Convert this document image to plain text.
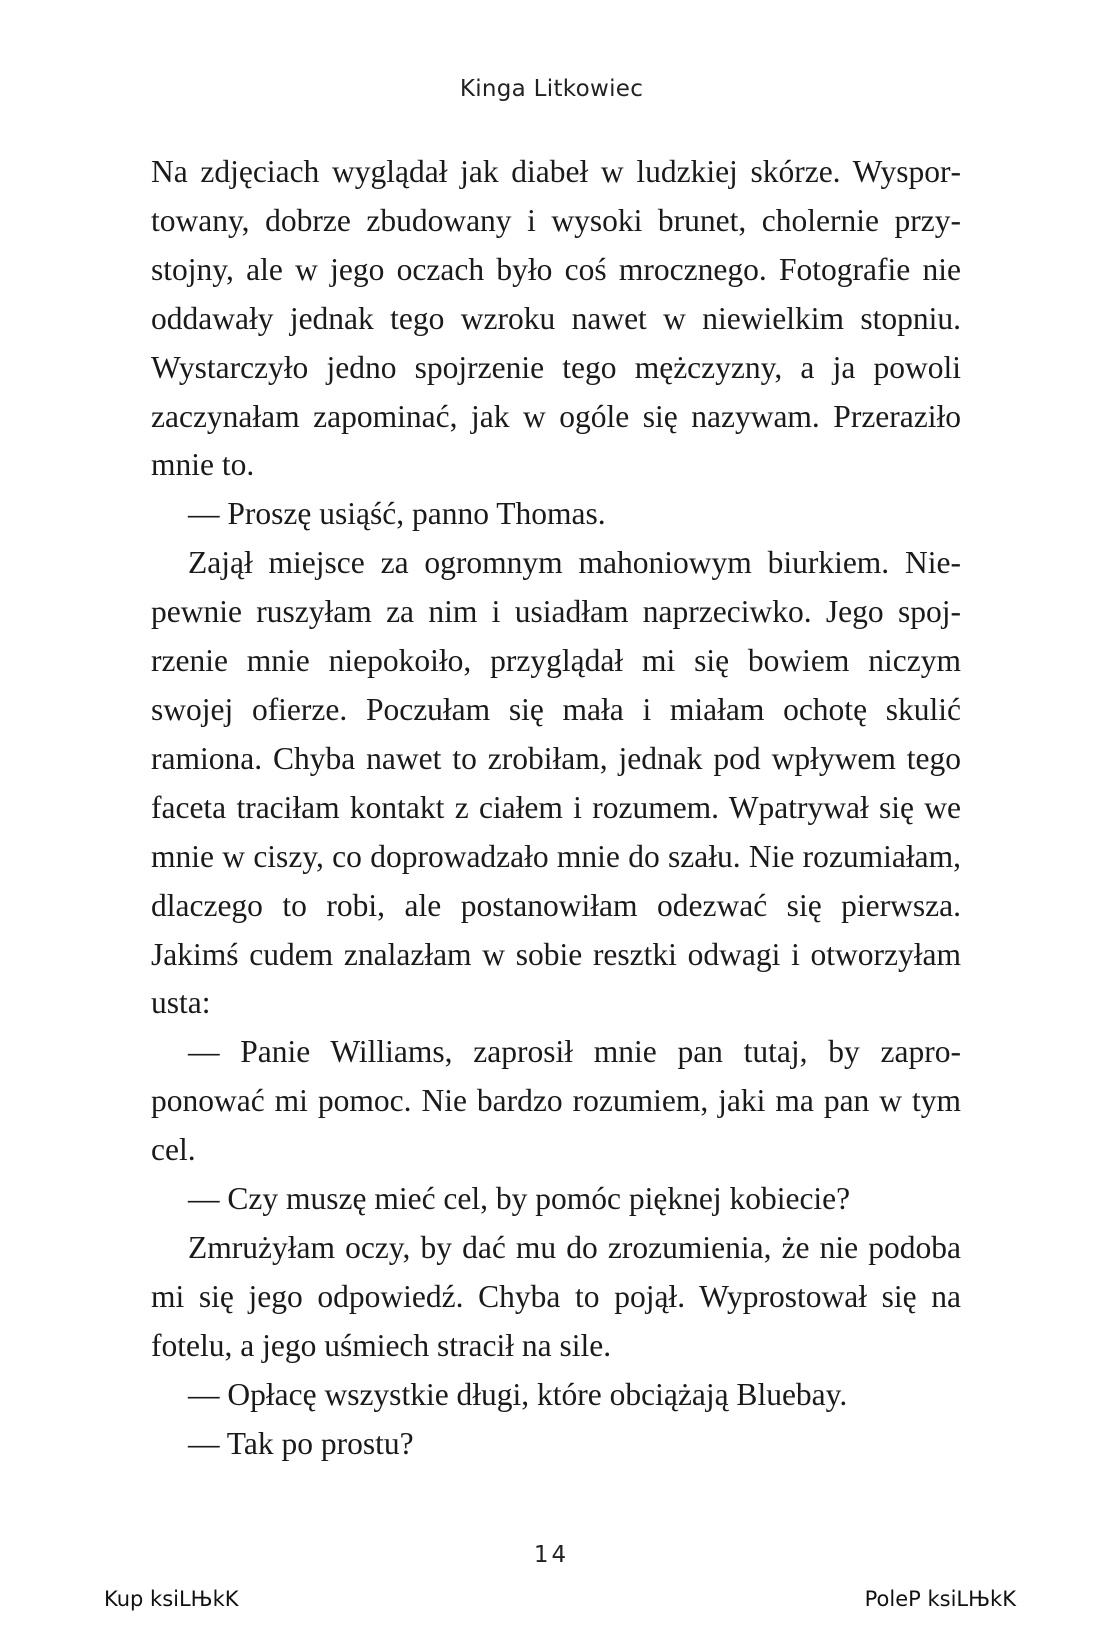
Kinga Litkowiec

Na zdjęciach wyglądał jak diabeł w ludzkiej skórze. Wysportowany, dobrze zbudowany i wysoki brunet, cholernie przystojny, ale w jego oczach było coś mrocznego. Fotografie nie oddawały jednak tego wzroku nawet w niewielkim stopniu. Wystarczyło jedno spojrzenie tego mężczyzny, a ja powoli zaczynałam zapominać, jak w ogóle się nazywam. Przeraziło mnie to.

— Proszę usiąść, panno Thomas.

Zajął miejsce za ogromnym mahoniowym biurkiem. Niepewnie ruszyłam za nim i usiadłam naprzeciwko. Jego spojrzenie mnie niepokoiło, przyglądał mi się bowiem niczym swojej ofierze. Poczułam się mała i miałam ochotę skulić ramiona. Chyba nawet to zrobiłam, jednak pod wpływem tego faceta traciłam kontakt z ciałem i rozumem. Wpatrywał się we mnie w ciszy, co doprowadzało mnie do szału. Nie rozumiałam, dlaczego to robi, ale postanowiłam odezwać się pierwsza. Jakimś cudem znalazłam w sobie resztki odwagi i otworzyłam usta:

— Panie Williams, zaprosił mnie pan tutaj, by zaproponować mi pomoc. Nie bardzo rozumiem, jaki ma pan w tym cel.

— Czy muszę mieć cel, by pomóc pięknej kobiecie?

Zmrużyłam oczy, by dać mu do zrozumienia, że nie podoba mi się jego odpowiedź. Chyba to pojął. Wyprostował się na fotelu, a jego uśmiech stracił na sile.

— Opłacę wszystkie długi, które obciążają Bluebay.

— Tak po prostu?

14
Kup ksiLЊkK	PoleP ksiLЊkK
